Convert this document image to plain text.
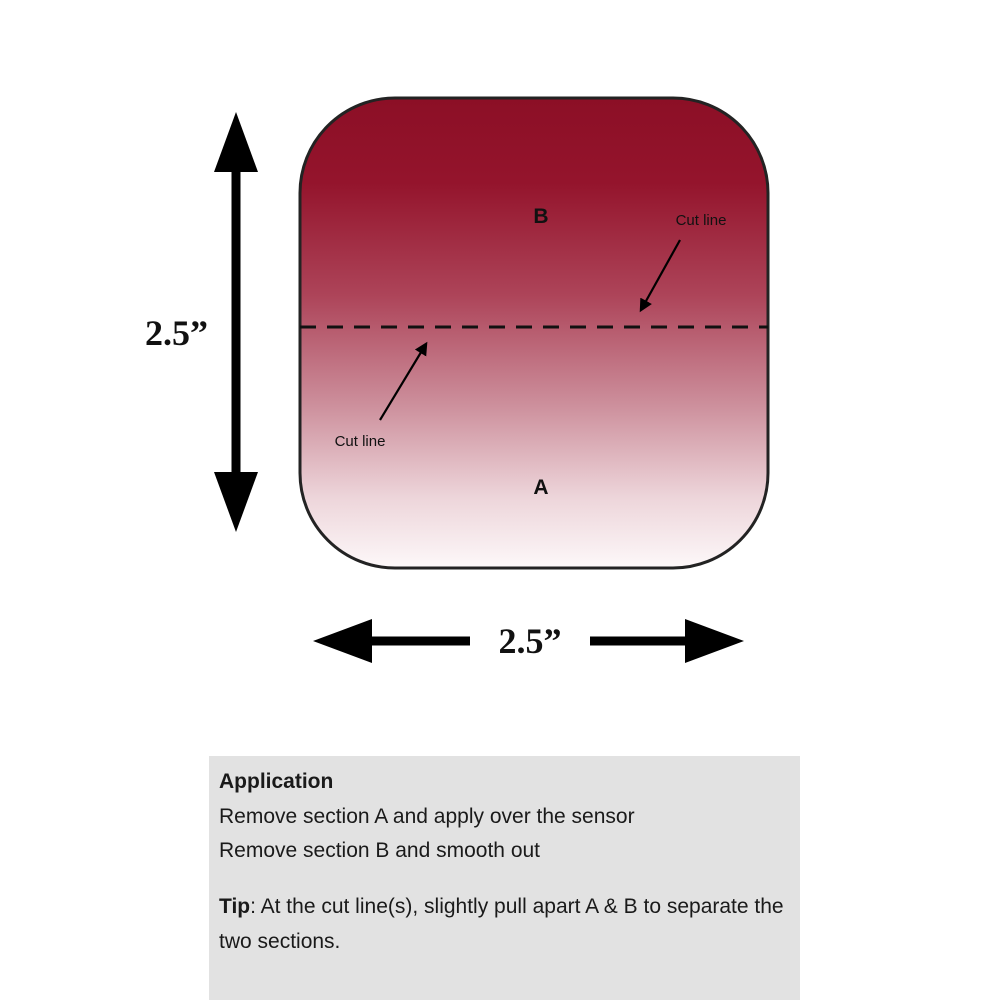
2.5”
2.5”
B
A
Cut line
Cut line

Application

Remove section A and apply over the sensor

Remove section B and smooth out

Tip: At the cut line(s), slightly pull apart A & B to separate the two sections.
